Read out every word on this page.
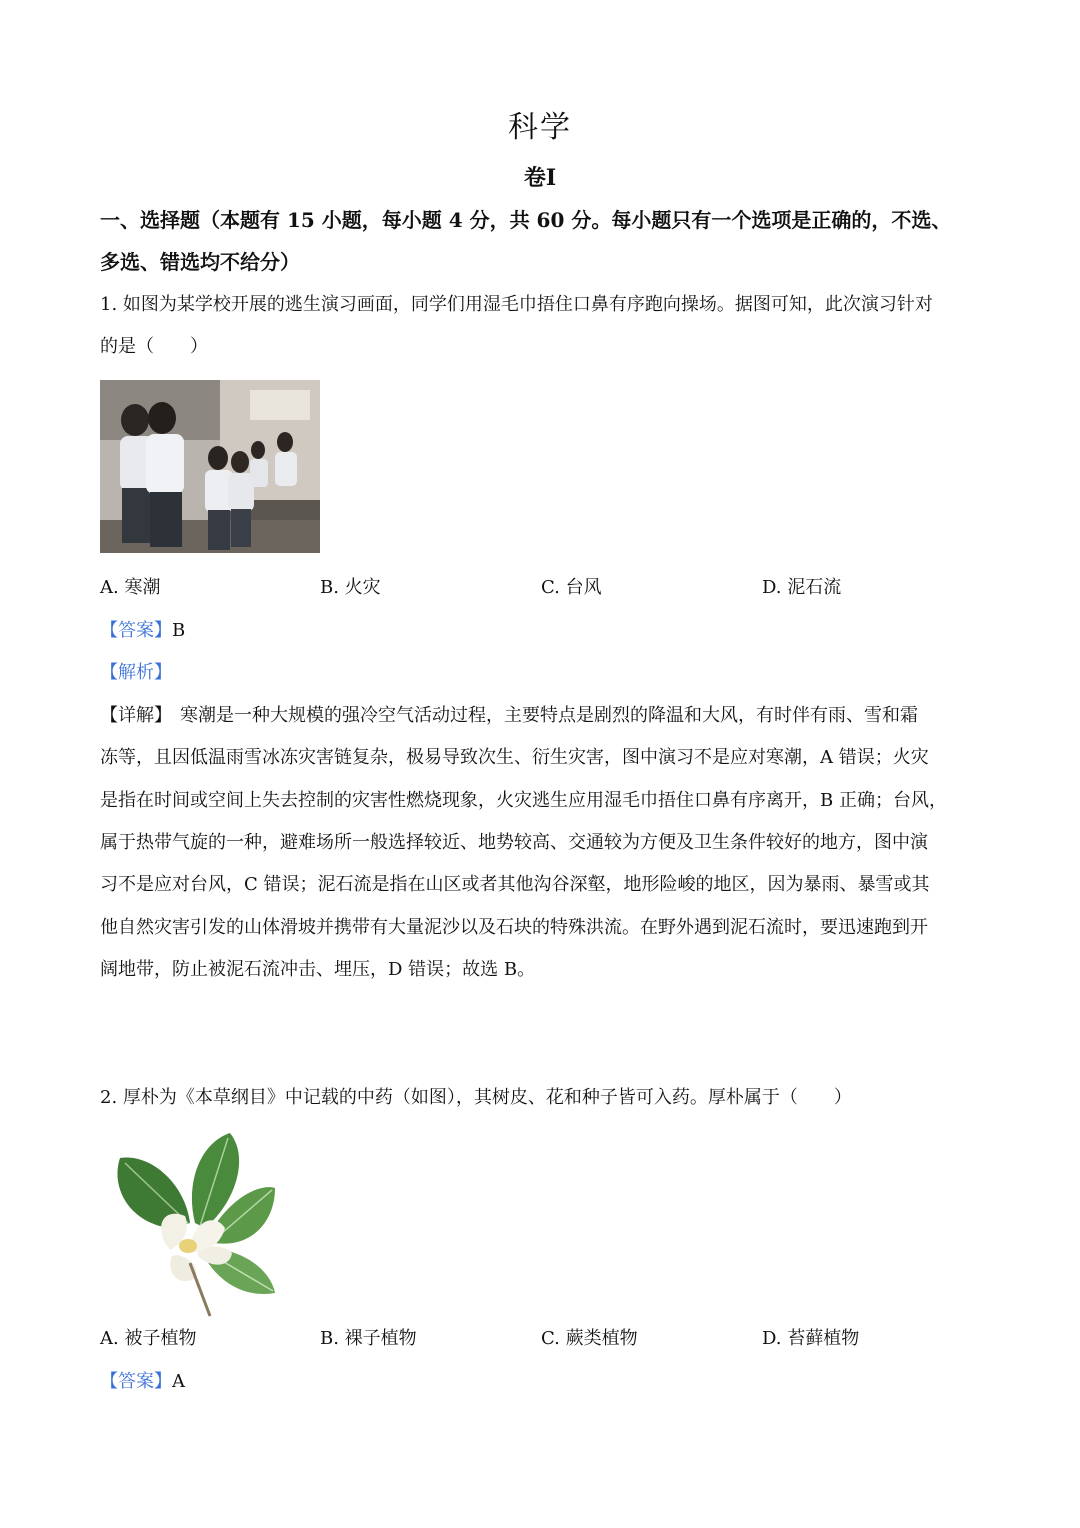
科学
卷I
一、选择题（本题有 15 小题，每小题 4 分，共 60 分。每小题只有一个选项是正确的，不选、
多选、错选均不给分）
1. 如图为某学校开展的逃生演习画面，同学们用湿毛巾捂住口鼻有序跑向操场。据图可知，此次演习针对
的是（　　）
A. 寒潮	B. 火灾	C. 台风	D. 泥石流
【答案】B
【解析】
【详解】 寒潮是一种大规模的强冷空气活动过程，主要特点是剧烈的降温和大风，有时伴有雨、雪和霜
冻等，且因低温雨雪冰冻灾害链复杂，极易导致次生、衍生灾害，图中演习不是应对寒潮，A 错误；火灾
是指在时间或空间上失去控制的灾害性燃烧现象，火灾逃生应用湿毛巾捂住口鼻有序离开，B 正确；台风，
属于热带气旋的一种，避难场所一般选择较近、地势较高、交通较为方便及卫生条件较好的地方，图中演
习不是应对台风，C 错误；泥石流是指在山区或者其他沟谷深壑，地形险峻的地区，因为暴雨、暴雪或其
他自然灾害引发的山体滑坡并携带有大量泥沙以及石块的特殊洪流。在野外遇到泥石流时，要迅速跑到开
阔地带，防止被泥石流冲击、埋压，D 错误；故选 B。
2. 厚朴为《本草纲目》中记载的中药（如图），其树皮、花和种子皆可入药。厚朴属于（　　）
A. 被子植物	B. 裸子植物	C. 蕨类植物	D. 苔藓植物
【答案】A
